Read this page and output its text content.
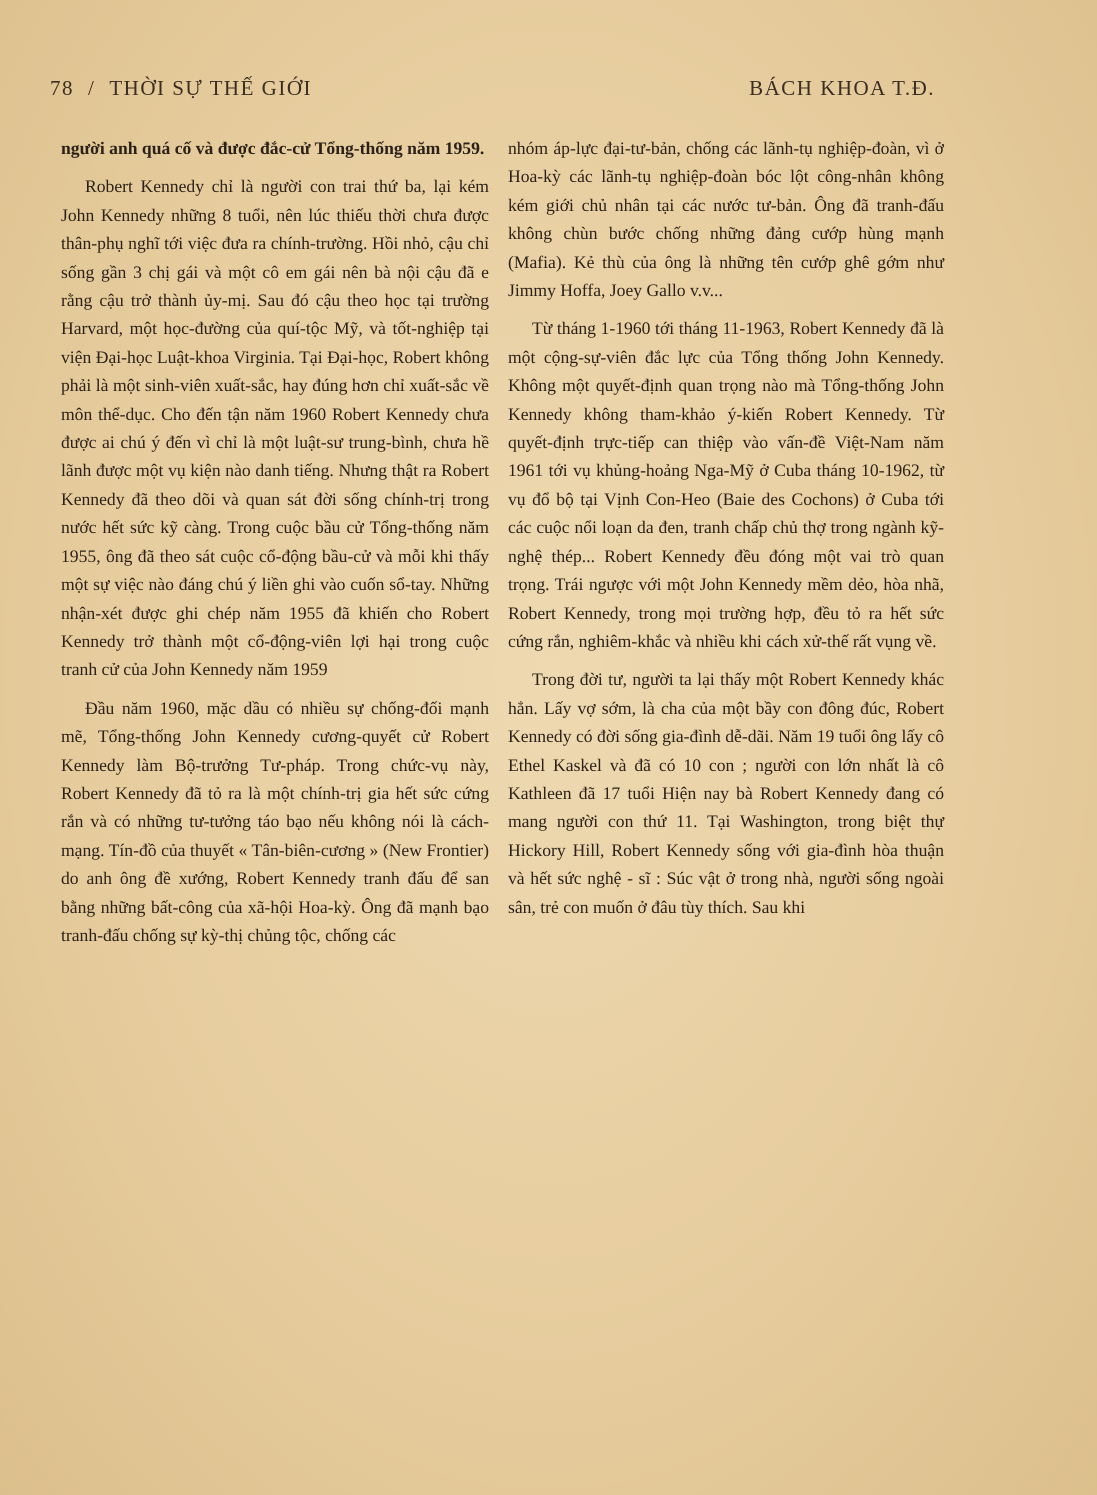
78 / THỜI SỰ THẾ GIỚI	BÁCH KHOA T.Đ.

người anh quá cố và được đắc-cử Tổng-thống năm 1959.

Robert Kennedy chỉ là người con trai thứ ba, lại kém John Kennedy những 8 tuổi, nên lúc thiếu thời chưa được thân-phụ nghĩ tới việc đưa ra chính-trường. Hồi nhỏ, cậu chỉ sống gần 3 chị gái và một cô em gái nên bà nội cậu đã e rằng cậu trở thành ủy-mị. Sau đó cậu theo học tại trường Harvard, một học-đường của quí-tộc Mỹ, và tốt-nghiệp tại viện Đại-học Luật-khoa Virginia. Tại Đại-học, Robert không phải là một sinh-viên xuất-sắc, hay đúng hơn chỉ xuất-sắc về môn thể-dục. Cho đến tận năm 1960 Robert Kennedy chưa được ai chú ý đến vì chỉ là một luật-sư trung-bình, chưa hề lãnh được một vụ kiện nào danh tiếng. Nhưng thật ra Robert Kennedy đã theo dõi và quan sát đời sống chính-trị trong nước hết sức kỹ càng. Trong cuộc bầu cử Tổng-thống năm 1955, ông đã theo sát cuộc cổ-động bầu-cử và mỗi khi thấy một sự việc nào đáng chú ý liền ghi vào cuốn sổ-tay. Những nhận-xét được ghi chép năm 1955 đã khiến cho Robert Kennedy trở thành một cổ-động-viên lợi hại trong cuộc tranh cử của John Kennedy năm 1959

Đầu năm 1960, mặc dầu có nhiều sự chống-đối mạnh mẽ, Tổng-thống John Kennedy cương-quyết cử Robert Kennedy làm Bộ-trưởng Tư-pháp. Trong chức-vụ này, Robert Kennedy đã tỏ ra là một chính-trị gia hết sức cứng rắn và có những tư-tưởng táo bạo nếu không nói là cách-mạng. Tín-đồ của thuyết « Tân-biên-cương » (New Frontier) do anh ông đề xướng, Robert Kennedy tranh đấu để san bằng những bất-công của xã-hội Hoa-kỳ. Ông đã mạnh bạo tranh-đấu chống sự kỳ-thị chủng tộc, chống các

nhóm áp-lực đại-tư-bản, chống các lãnh-tụ nghiệp-đoàn, vì ở Hoa-kỳ các lãnh-tụ nghiệp-đoàn bóc lột công-nhân không kém giới chủ nhân tại các nước tư-bản. Ông đã tranh-đấu không chùn bước chống những đảng cướp hùng mạnh (Mafia). Kẻ thù của ông là những tên cướp ghê gớm như Jimmy Hoffa, Joey Gallo v.v...

Từ tháng 1-1960 tới tháng 11-1963, Robert Kennedy đã là một cộng-sự-viên đắc lực của Tổng thống John Kennedy. Không một quyết-định quan trọng nào mà Tổng-thống John Kennedy không tham-khảo ý-kiến Robert Kennedy. Từ quyết-định trực-tiếp can thiệp vào vấn-đề Việt-Nam năm 1961 tới vụ khủng-hoảng Nga-Mỹ ở Cuba tháng 10-1962, từ vụ đổ bộ tại Vịnh Con-Heo (Baie des Cochons) ở Cuba tới các cuộc nổi loạn da đen, tranh chấp chủ thợ trong ngành kỹ-nghệ thép... Robert Kennedy đều đóng một vai trò quan trọng. Trái ngược với một John Kennedy mềm dẻo, hòa nhã, Robert Kennedy, trong mọi trường hợp, đều tỏ ra hết sức cứng rắn, nghiêm-khắc và nhiều khi cách xử-thế rất vụng về.

Trong đời tư, người ta lại thấy một Robert Kennedy khác hẳn. Lấy vợ sớm, là cha của một bầy con đông đúc, Robert Kennedy có đời sống gia-đình dễ-dãi. Năm 19 tuổi ông lấy cô Ethel Kaskel và đã có 10 con ; người con lớn nhất là cô Kathleen đã 17 tuổi Hiện nay bà Robert Kennedy đang có mang người con thứ 11. Tại Washington, trong biệt thự Hickory Hill, Robert Kennedy sống với gia-đình hòa thuận và hết sức nghệ - sĩ : Súc vật ở trong nhà, người sống ngoài sân, trẻ con muốn ở đâu tùy thích. Sau khi
